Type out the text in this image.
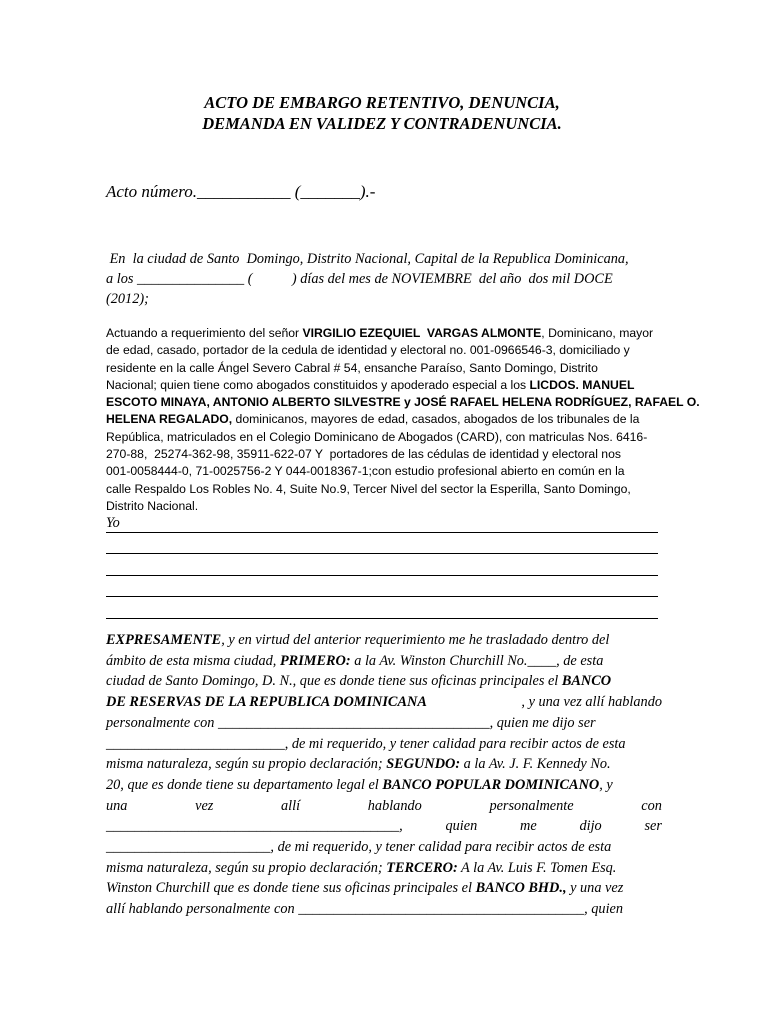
ACTO DE EMBARGO RETENTIVO, DENUNCIA,
DEMANDA EN VALIDEZ Y CONTRADENUNCIA.
Acto número.___________ (_______).-
En  la ciudad de Santo  Domingo, Distrito Nacional, Capital de la Republica Dominicana,
a los _______________ (           ) días del mes de NOVIEMBRE  del año  dos mil DOCE
(2012);
Actuando a requerimiento del señor VIRGILIO EZEQUIEL  VARGAS ALMONTE, Dominicano, mayor
de edad, casado, portador de la cedula de identidad y electoral no. 001-0966546-3, domiciliado y
residente en la calle Ángel Severo Cabral # 54, ensanche Paraíso, Santo Domingo, Distrito
Nacional; quien tiene como abogados constituidos y apoderado especial a los LICDOS. MANUEL
ESCOTO MINAYA, ANTONIO ALBERTO SILVESTRE y JOSÉ RAFAEL HELENA RODRÍGUEZ, RAFAEL O.
HELENA REGALADO, dominicanos, mayores de edad, casados, abogados de los tribunales de la
República, matriculados en el Colegio Dominicano de Abogados (CARD), con matriculas Nos. 6416-
270-88,  25274-362-98, 35911-622-07 Y  portadores de las cédulas de identidad y electoral nos
001-0058444-0, 71-0025756-2 Y 044-0018367-1;con estudio profesional abierto en común en la
calle Respaldo Los Robles No. 4, Suite No.9, Tercer Nivel del sector la Esperilla, Santo Domingo,
Distrito Nacional.
Yo
EXPRESAMENTE, y en virtud del anterior requerimiento me he trasladado dentro del
ámbito de esta misma ciudad, PRIMERO: a la Av. Winston Churchill No.____, de esta
ciudad de Santo Domingo, D. N., que es donde tiene sus oficinas principales el BANCO
DE RESERVAS DE LA REPUBLICA DOMINICANA	, y una vez allí hablando
personalmente con ______________________________________, quien me dijo ser
_________________________, de mi requerido, y tener calidad para recibir actos de esta
misma naturaleza, según su propio declaración; SEGUNDO: a la Av. J. F. Kennedy No.
20, que es donde tiene su departamento legal el BANCO POPULAR DOMINICANO, y
una	vez	allí	hablando	personalmente	con
_________________________________________,	quien	me	dijo	ser
_______________________, de mi requerido, y tener calidad para recibir actos de esta
misma naturaleza, según su propio declaración; TERCERO: A la Av. Luis F. Tomen Esq.
Winston Churchill que es donde tiene sus oficinas principales el BANCO BHD., y una vez
allí hablando personalmente con ________________________________________, quien
